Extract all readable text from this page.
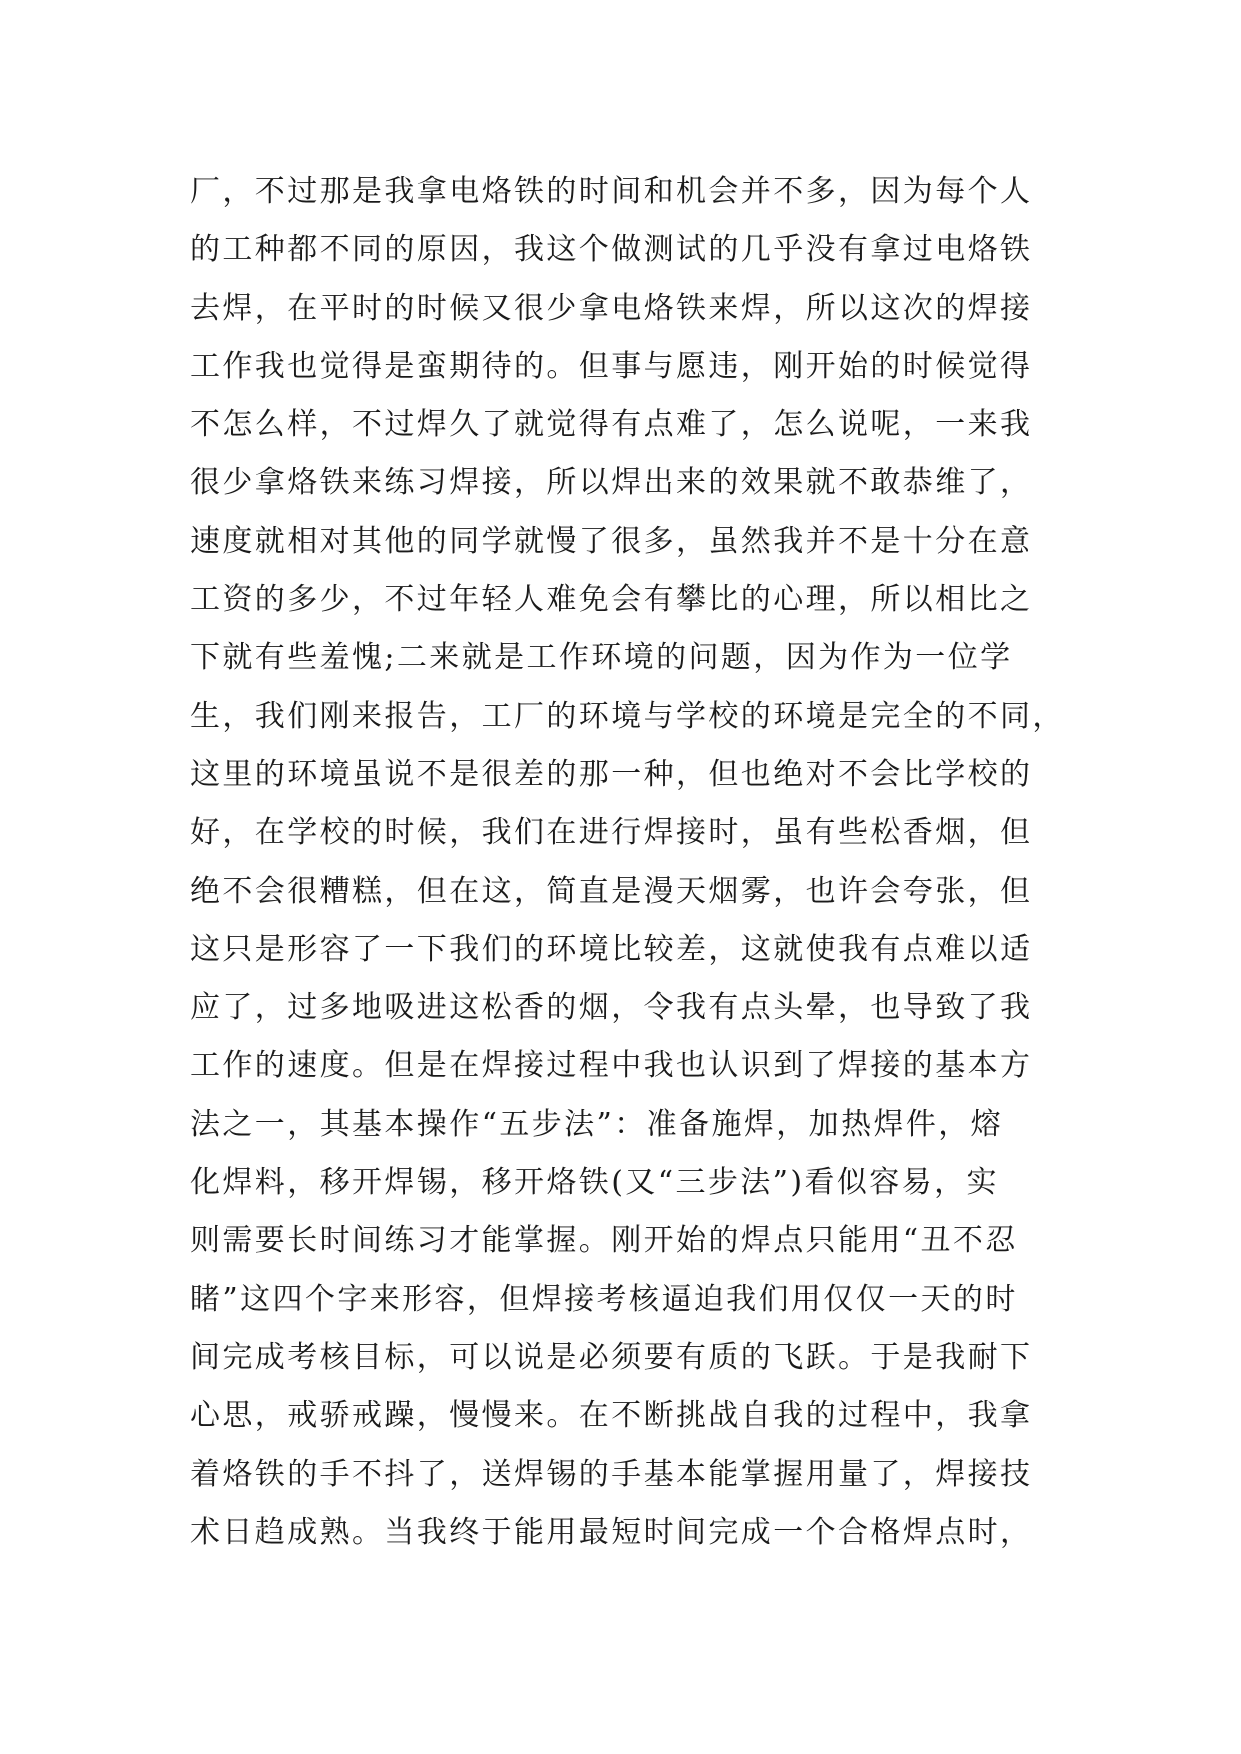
厂，不过那是我拿电烙铁的时间和机会并不多，因为每个人
的工种都不同的原因，我这个做测试的几乎没有拿过电烙铁
去焊，在平时的时候又很少拿电烙铁来焊，所以这次的焊接
工作我也觉得是蛮期待的。但事与愿违，刚开始的时候觉得
不怎么样，不过焊久了就觉得有点难了，怎么说呢，一来我
很少拿烙铁来练习焊接，所以焊出来的效果就不敢恭维了，
速度就相对其他的同学就慢了很多，虽然我并不是十分在意
工资的多少，不过年轻人难免会有攀比的心理，所以相比之
下就有些羞愧;二来就是工作环境的问题，因为作为一位学
生，我们刚来报告，工厂的环境与学校的环境是完全的不同，
这里的环境虽说不是很差的那一种，但也绝对不会比学校的
好，在学校的时候，我们在进行焊接时，虽有些松香烟，但
绝不会很糟糕，但在这，简直是漫天烟雾，也许会夸张，但
这只是形容了一下我们的环境比较差，这就使我有点难以适
应了，过多地吸进这松香的烟，令我有点头晕，也导致了我
工作的速度。但是在焊接过程中我也认识到了焊接的基本方
法之一，其基本操作“五步法”：准备施焊，加热焊件，熔
化焊料，移开焊锡，移开烙铁(又“三步法”)看似容易，实
则需要长时间练习才能掌握。刚开始的焊点只能用“丑不忍
睹”这四个字来形容，但焊接考核逼迫我们用仅仅一天的时
间完成考核目标，可以说是必须要有质的飞跃。于是我耐下
心思，戒骄戒躁，慢慢来。在不断挑战自我的过程中，我拿
着烙铁的手不抖了，送焊锡的手基本能掌握用量了，焊接技
术日趋成熟。当我终于能用最短时间完成一个合格焊点时，
